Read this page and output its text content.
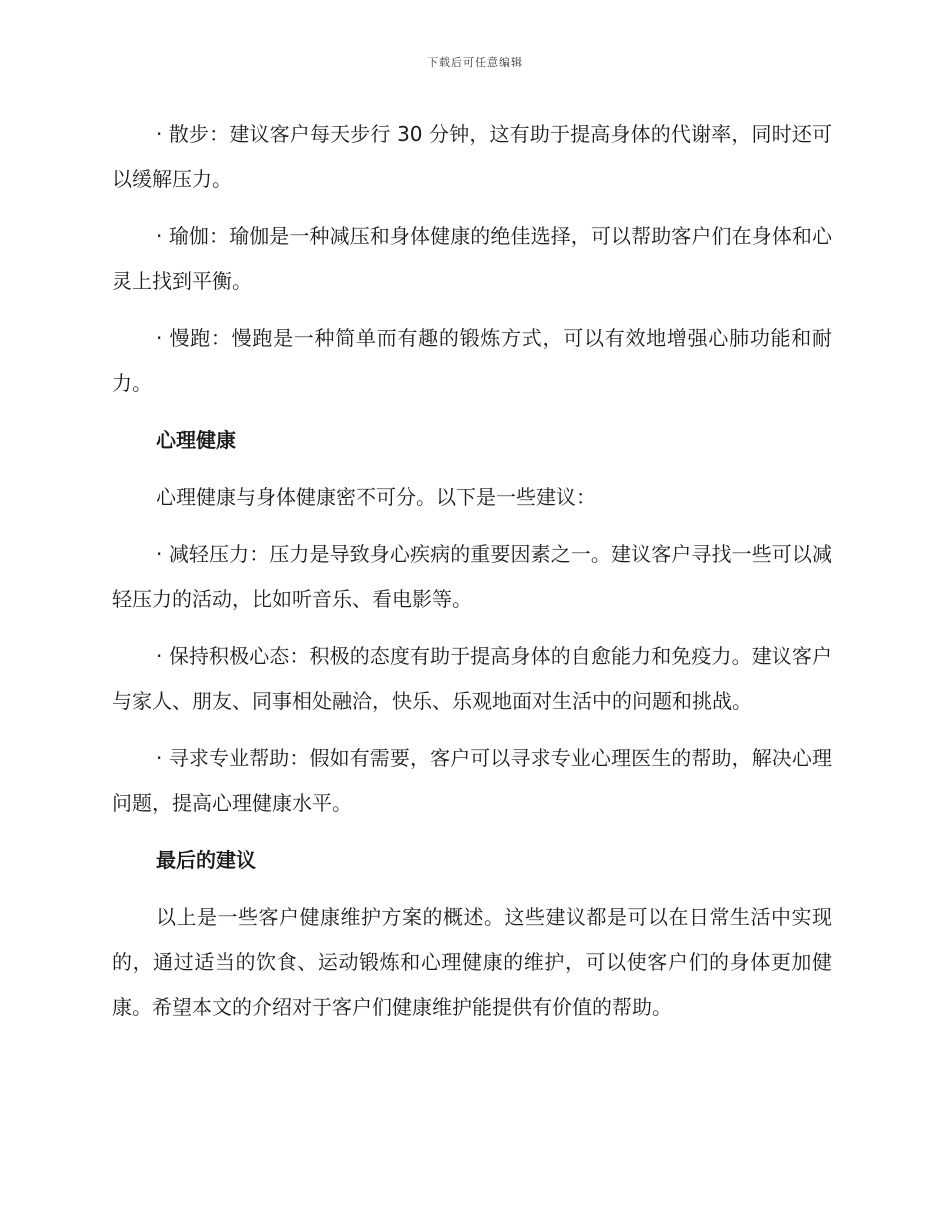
下载后可任意编辑

· 散步：建议客户每天步行 30 分钟，这有助于提高身体的代谢率，同时还可以缓解压力。

· 瑜伽：瑜伽是一种减压和身体健康的绝佳选择，可以帮助客户们在身体和心灵上找到平衡。

· 慢跑：慢跑是一种简单而有趣的锻炼方式，可以有效地增强心肺功能和耐力。

心理健康

心理健康与身体健康密不可分。以下是一些建议：

· 减轻压力：压力是导致身心疾病的重要因素之一。建议客户寻找一些可以减轻压力的活动，比如听音乐、看电影等。

· 保持积极心态：积极的态度有助于提高身体的自愈能力和免疫力。建议客户与家人、朋友、同事相处融洽，快乐、乐观地面对生活中的问题和挑战。

· 寻求专业帮助：假如有需要，客户可以寻求专业心理医生的帮助，解决心理问题，提高心理健康水平。

最后的建议

以上是一些客户健康维护方案的概述。这些建议都是可以在日常生活中实现的，通过适当的饮食、运动锻炼和心理健康的维护，可以使客户们的身体更加健康。希望本文的介绍对于客户们健康维护能提供有价值的帮助。
